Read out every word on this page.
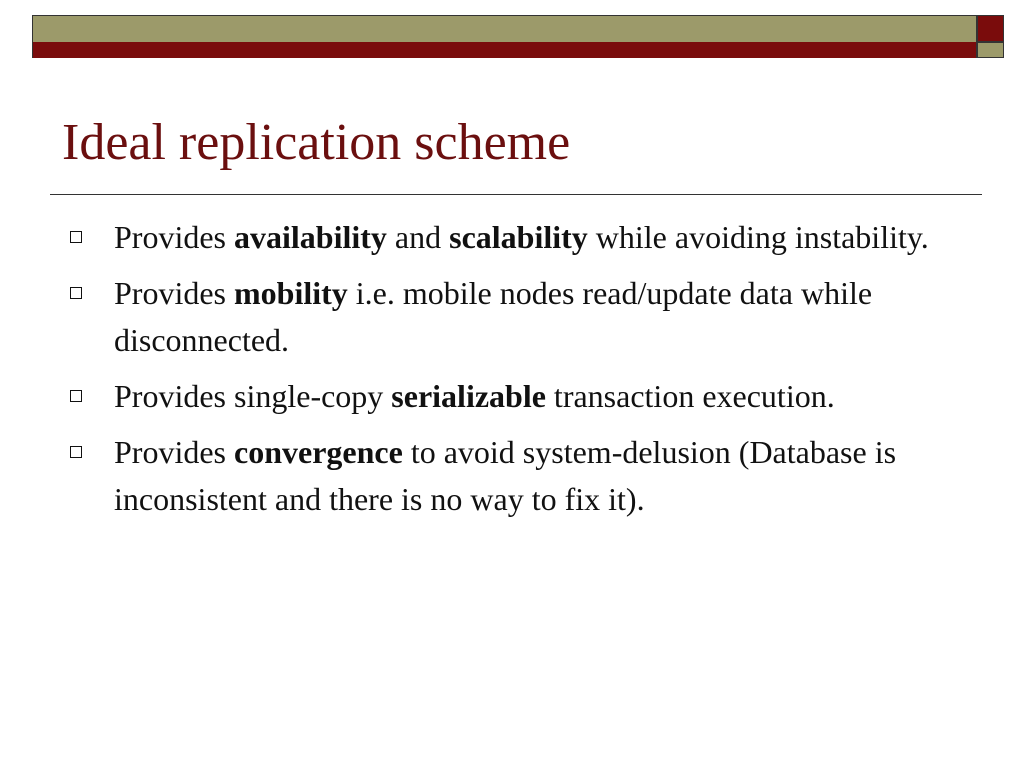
Ideal replication scheme
Provides availability and scalability while avoiding instability.
Provides mobility i.e. mobile nodes read/update data while disconnected.
Provides single-copy serializable transaction execution.
Provides convergence to avoid system-delusion (Database is inconsistent and there is no way to fix it).
